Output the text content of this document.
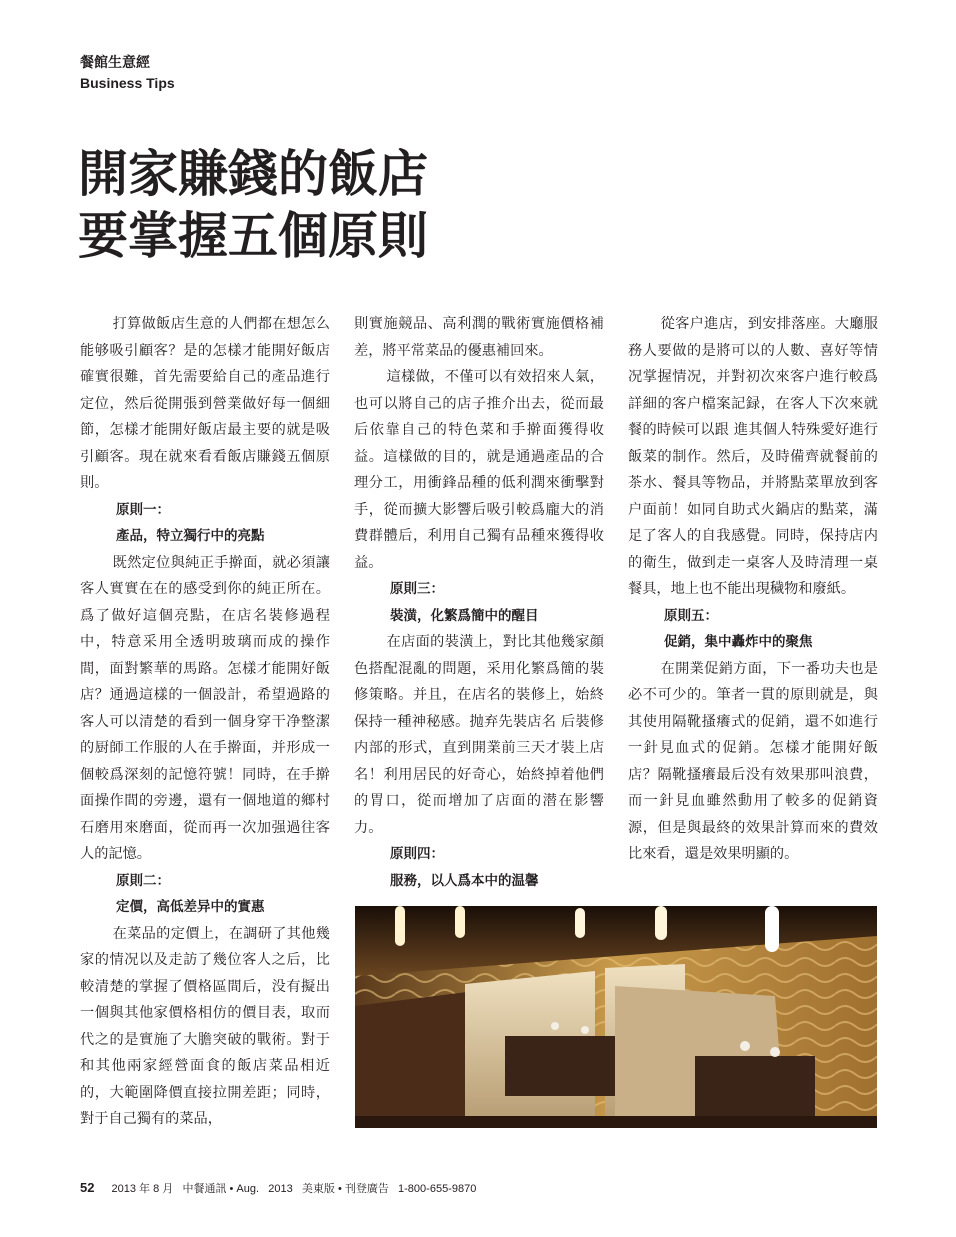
餐館生意經
Business Tips
開家賺錢的飯店
要掌握五個原則

打算做飯店生意的人們都在想怎么能够吸引顧客？是的怎樣才能開好飯店確實很難，首先需要給自己的產品進行定位，然后從開張到營業做好每一個細節，怎樣才能開好飯店最主要的就是吸引顧客。現在就來看看飯店賺錢五個原則。

原則一：

產品，特立獨行中的亮點

既然定位與純正手擀面，就必須讓客人實實在在的感受到你的純正所在。爲了做好這個亮點，在店名裝修過程中，特意采用全透明玻璃而成的操作間，面對繁華的馬路。怎樣才能開好飯店？通過這樣的一個設計，希望過路的客人可以清楚的看到一個身穿干净整潔的厨師工作服的人在手擀面，并形成一個較爲深刻的記憶符號！同時，在手擀面操作間的旁邊，還有一個地道的鄉村石磨用來磨面，從而再一次加强過往客人的記憶。

原則二：

定價，高低差异中的實惠

在菜品的定價上，在調研了其他幾家的情况以及走訪了幾位客人之后，比較清楚的掌握了價格區間后，没有擬出一個與其他家價格相仿的價目表，取而代之的是實施了大膽突破的戰術。對于和其他兩家經營面食的飯店菜品相近的，大範圍降價直接拉開差距；同時，對于自己獨有的菜品，

則實施競品、高利潤的戰術實施價格補差，將平常菜品的優惠補回來。

這樣做，不僅可以有效招來人氣，也可以將自己的店子推介出去，從而最后依靠自己的特色菜和手擀面獲得收益。這樣做的目的，就是通過產品的合理分工，用衝鋒品種的低利潤來衝擊對手，從而擴大影響后吸引較爲龐大的消費群體后，利用自己獨有品種來獲得收益。

原則三：

裝潢，化繁爲簡中的醒目

在店面的裝潢上，對比其他幾家顔色搭配混亂的問題，采用化繁爲簡的裝修策略。并且，在店名的裝修上，始終保持一種神秘感。抛弃先裝店名 后裝修内部的形式，直到開業前三天才裝上店名！利用居民的好奇心，始終掉着他們的胃口，從而增加了店面的潜在影響力。

原則四：

服務，以人爲本中的温馨

從客户進店，到安排落座。大廳服務人要做的是將可以的人數、喜好等情况掌握情况，并對初次來客户進行較爲詳細的客户檔案記録，在客人下次來就餐的時候可以跟 進其個人特殊愛好進行飯菜的制作。然后，及時備齊就餐前的茶水、餐具等物品，并將點菜單放到客户面前！如同自助式火鍋店的點菜，滿足了客人的自我感覺。同時，保持店内的衛生，做到走一桌客人及時清理一桌餐具，地上也不能出現穢物和廢紙。

原則五：

促銷，集中轟炸中的聚焦

在開業促銷方面，下一番功夫也是必不可少的。筆者一貫的原則就是，與其使用隔靴搔癢式的促銷，還不如進行一針見血式的促銷。怎樣才能開好飯店？隔靴搔癢最后没有效果那叫浪費，而一針見血雖然動用了較多的促銷資源，但是與最終的效果計算而來的費效比來看，還是效果明顯的。

52 2013 年 8 月 中餐通訊 • Aug. 2013 美東版 • 刊登廣告 1-800-655-9870
